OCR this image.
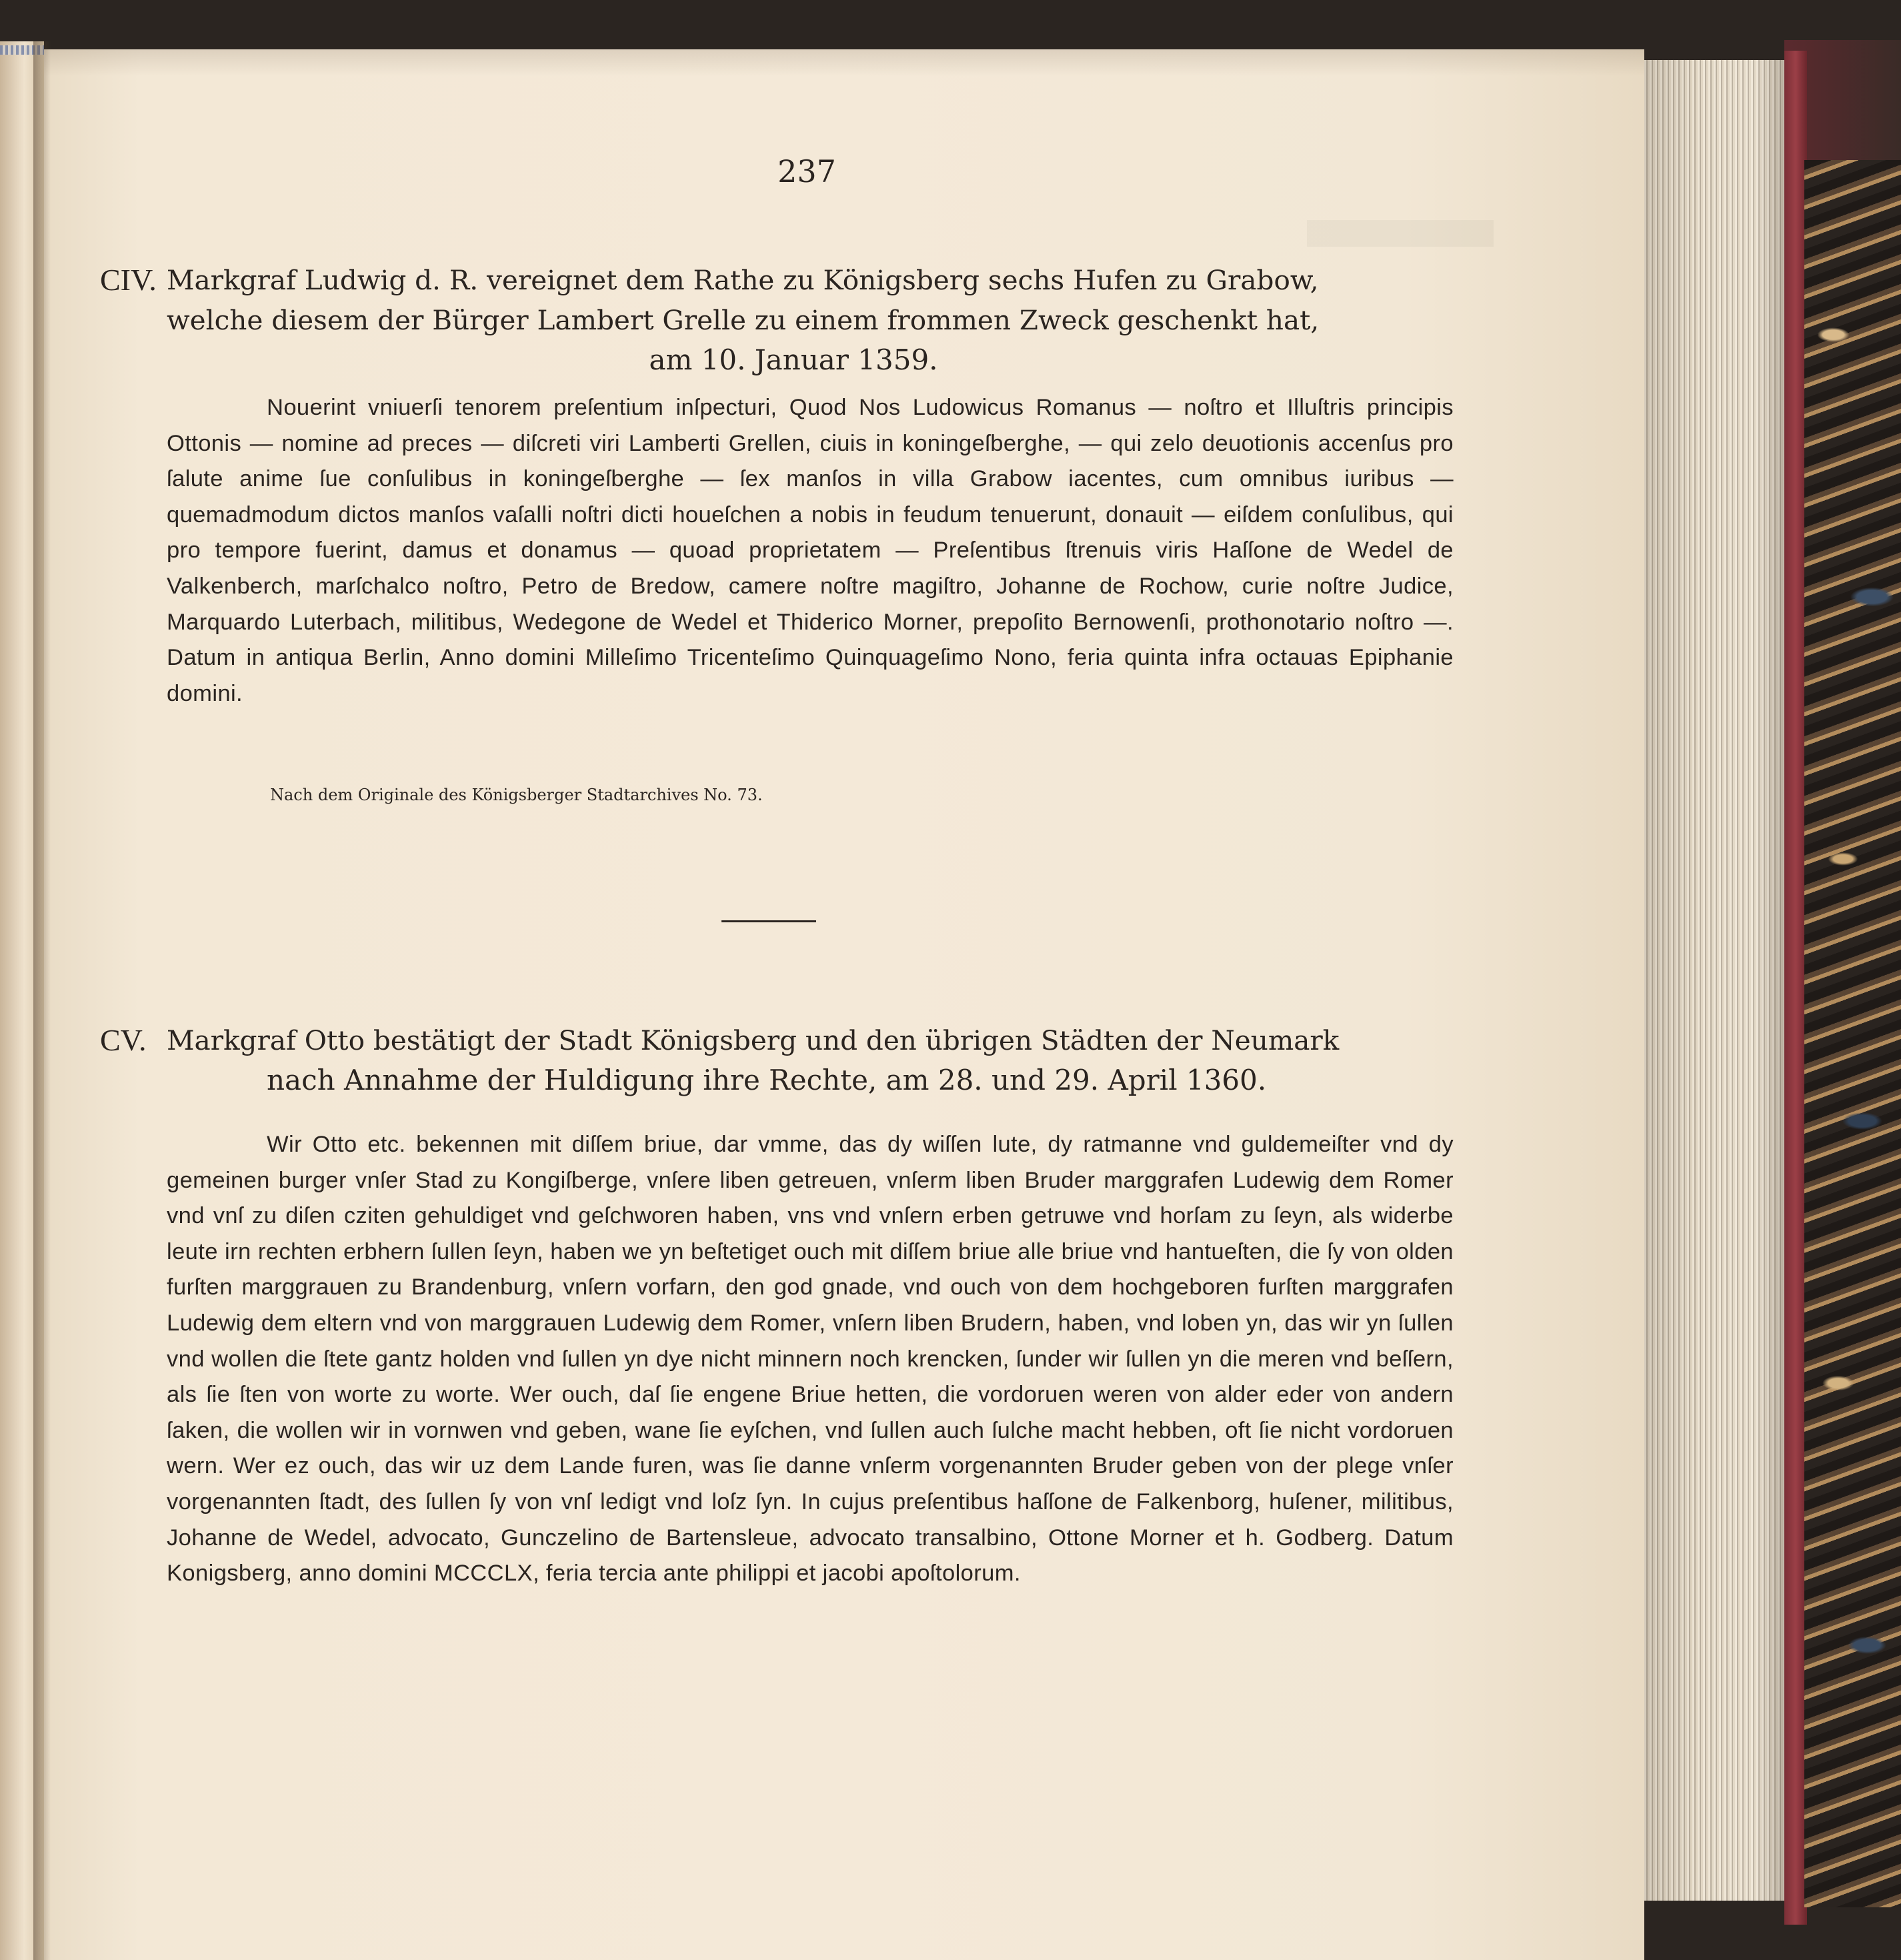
237
CIV. Markgraf Ludwig d. R. vereignet dem Rathe zu Königsberg sechs Hufen zu Grabow,
welche diesem der Bürger Lambert Grelle zu einem frommen Zweck geschenkt hat,
am 10. Januar 1359.
Nouerint vniuerſi tenorem preſentium inſpecturi, Quod Nos Ludowicus Romanus — noſtro et Illuſtris principis Ottonis — nomine ad preces — diſcreti viri Lamberti Grellen, ciuis in koningeſberghe, — qui zelo deuotionis accenſus pro ſalute anime ſue conſulibus in koningeſberghe — ſex manſos in villa Grabow iacentes, cum omnibus iuribus — quemadmodum dictos manſos vaſalli noſtri dicti houeſchen a nobis in feudum tenuerunt, donauit — eiſdem conſulibus, qui pro tempore fuerint, damus et donamus — quoad proprietatem — Preſentibus ſtrenuis viris Haſſone de Wedel de Valkenberch, marſchalco noſtro, Petro de Bredow, camere noſtre magiſtro, Johanne de Rochow, curie noſtre Judice, Marquardo Luterbach, militibus, Wedegone de Wedel et Thiderico Morner, prepoſito Bernowenſi, prothonotario noſtro —. Datum in antiqua Berlin, Anno domini Milleſimo Tricenteſimo Quinquageſimo Nono, feria quinta infra octauas Epiphanie domini.
Nach dem Originale des Königsberger Stadtarchives No. 73.
CV. Markgraf Otto bestätigt der Stadt Königsberg und den übrigen Städten der Neumark
nach Annahme der Huldigung ihre Rechte, am 28. und 29. April 1360.
Wir Otto etc. bekennen mit diſſem briue, dar vmme, das dy wiſſen lute, dy ratmanne vnd guldemeiſter vnd dy gemeinen burger vnſer Stad zu Kongiſberge, vnſere liben getreuen, vnſerm liben Bruder marggrafen Ludewig dem Romer vnd vnſ zu diſen cziten gehuldiget vnd geſchworen haben, vns vnd vnſern erben getruwe vnd horſam zu ſeyn, als widerbe leute irn rechten erbhern ſullen ſeyn, haben we yn beſtetiget ouch mit diſſem briue alle briue vnd hantueſten, die ſy von olden furſten marggrauen zu Brandenburg, vnſern vorfarn, den god gnade, vnd ouch von dem hochgeboren furſten marggrafen Ludewig dem eltern vnd von marggrauen Ludewig dem Romer, vnſern liben Brudern, haben, vnd loben yn, das wir yn ſullen vnd wollen die ſtete gantz holden vnd ſullen yn dye nicht minnern noch krencken, ſunder wir ſullen yn die meren vnd beſſern, als ſie ſten von worte zu worte. Wer ouch, daſ ſie engene Briue hetten, die vordoruen weren von alder eder von andern ſaken, die wollen wir in vornwen vnd geben, wane ſie eyſchen, vnd ſullen auch ſulche macht hebben, oft ſie nicht vordoruen wern. Wer ez ouch, das wir uz dem Lande furen, was ſie danne vnſerm vorgenannten Bruder geben von der plege vnſer vorgenannten ſtadt, des ſullen ſy von vnſ ledigt vnd loſz ſyn. In cujus preſentibus haſſone de Falkenborg, huſener, militibus, Johanne de Wedel, advocato, Gunczelino de Bartensleue, advocato transalbino, Ottone Morner et h. Godberg. Datum Konigsberg, anno domini MCCCLX, feria tercia ante philippi et jacobi apoſtolorum.
